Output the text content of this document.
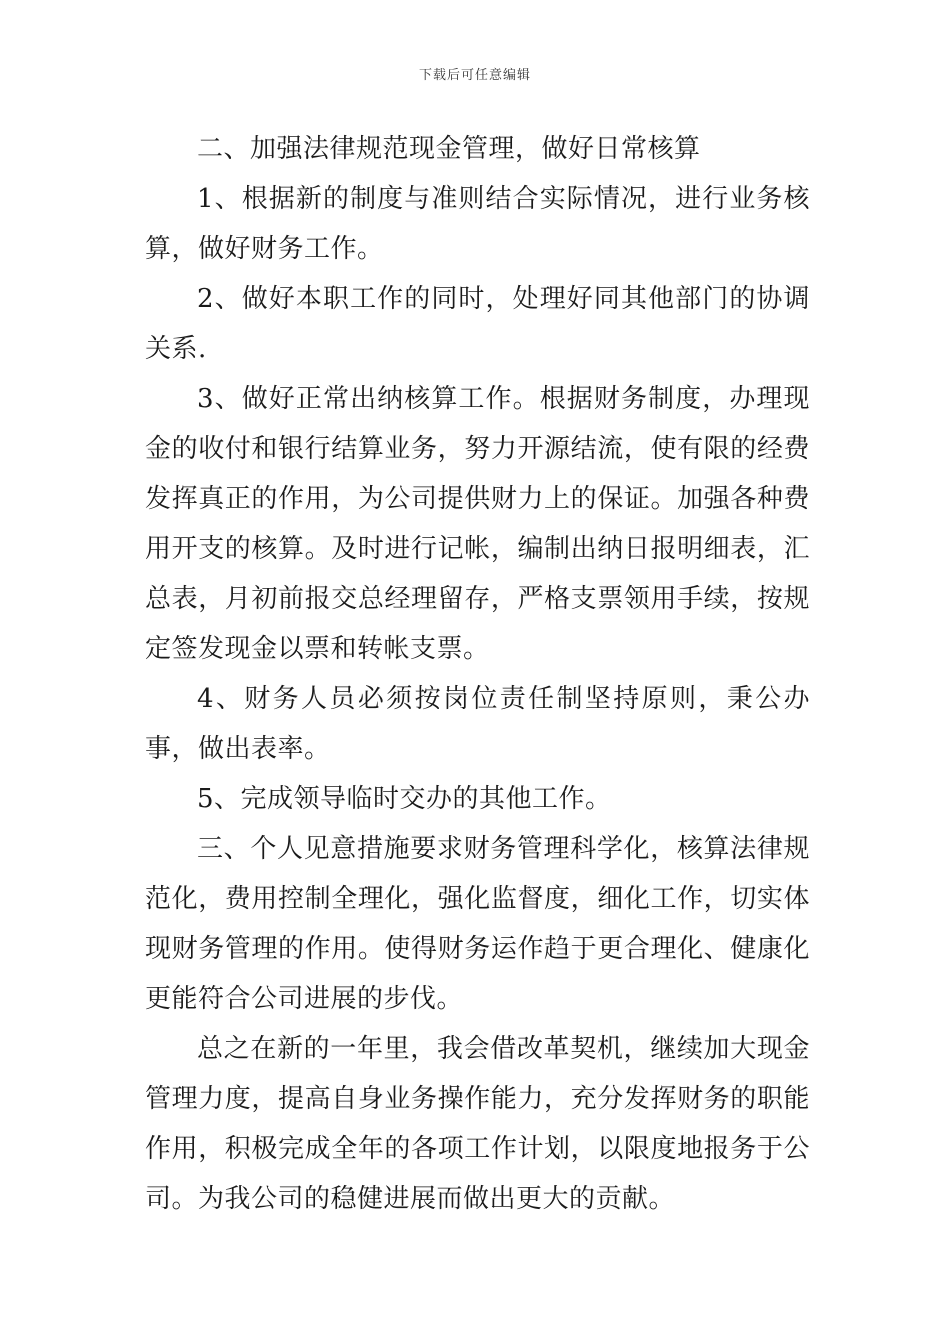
下载后可任意编辑

二、加强法律规范现金管理，做好日常核算

1、根据新的制度与准则结合实际情况，进行业务核算，做好财务工作。

2、做好本职工作的同时，处理好同其他部门的协调关系.

3、做好正常出纳核算工作。根据财务制度，办理现金的收付和银行结算业务，努力开源结流，使有限的经费发挥真正的作用，为公司提供财力上的保证。加强各种费用开支的核算。及时进行记帐，编制出纳日报明细表，汇总表，月初前报交总经理留存，严格支票领用手续，按规定签发现金以票和转帐支票。

4、财务人员必须按岗位责任制坚持原则，秉公办事，做出表率。

5、完成领导临时交办的其他工作。

三、个人见意措施要求财务管理科学化，核算法律规范化，费用控制全理化，强化监督度，细化工作，切实体现财务管理的作用。使得财务运作趋于更合理化、健康化更能符合公司进展的步伐。

总之在新的一年里，我会借改革契机，继续加大现金管理力度，提高自身业务操作能力，充分发挥财务的职能作用，积极完成全年的各项工作计划，以限度地报务于公司。为我公司的稳健进展而做出更大的贡献。
